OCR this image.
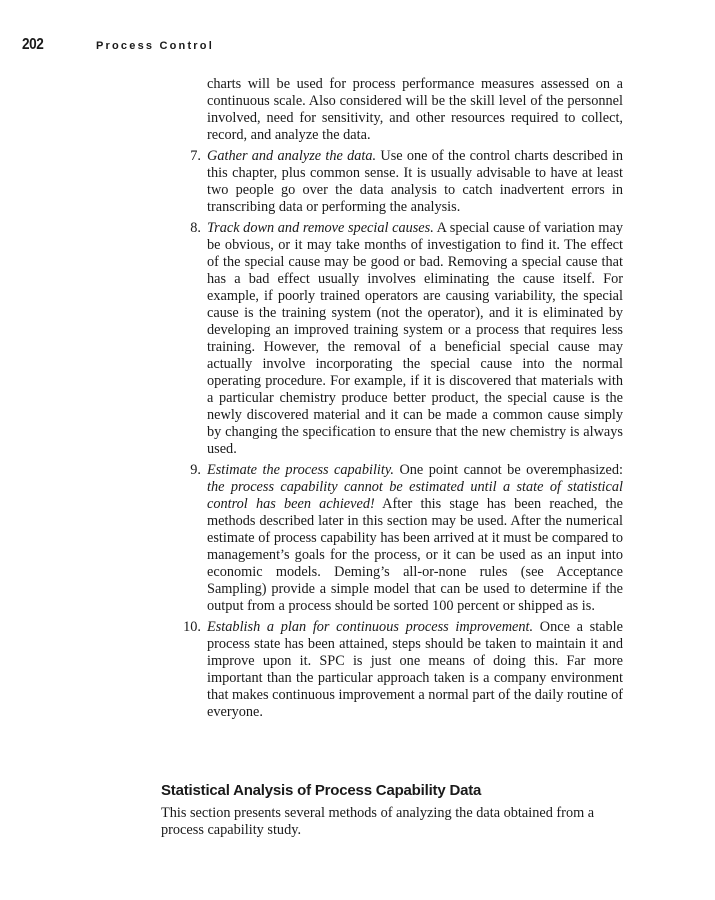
202	Process Control

charts will be used for process performance measures assessed on a continuous scale. Also considered will be the skill level of the personnel involved, need for sensitivity, and other resources required to collect, record, and analyze the data.

7. Gather and analyze the data. Use one of the control charts described in this chapter, plus common sense. It is usually advisable to have at least two people go over the data analysis to catch inadvertent errors in transcribing data or performing the analysis.
8. Track down and remove special causes. A special cause of variation may be obvious, or it may take months of investigation to find it. The effect of the special cause may be good or bad. Removing a special cause that has a bad effect usually involves eliminating the cause itself. For example, if poorly trained operators are causing variability, the special cause is the training system (not the operator), and it is eliminated by developing an improved training system or a process that requires less training. However, the removal of a beneficial special cause may actually involve incorporating the special cause into the normal operating procedure. For example, if it is discovered that materials with a particular chemistry produce better product, the special cause is the newly discovered material and it can be made a common cause simply by changing the specification to ensure that the new chemistry is always used.
9. Estimate the process capability. One point cannot be overemphasized: the process capability cannot be estimated until a state of statistical control has been achieved! After this stage has been reached, the methods described later in this section may be used. After the numerical estimate of process capability has been arrived at it must be compared to management’s goals for the process, or it can be used as an input into economic models. Deming’s all-or-none rules (see Acceptance Sampling) provide a simple model that can be used to determine if the output from a process should be sorted 100 percent or shipped as is.
10. Establish a plan for continuous process improvement. Once a stable process state has been attained, steps should be taken to maintain it and improve upon it. SPC is just one means of doing this. Far more important than the particular approach taken is a company environment that makes continuous improvement a normal part of the daily routine of everyone.
Statistical Analysis of Process Capability Data

This section presents several methods of analyzing the data obtained from a process capability study.
